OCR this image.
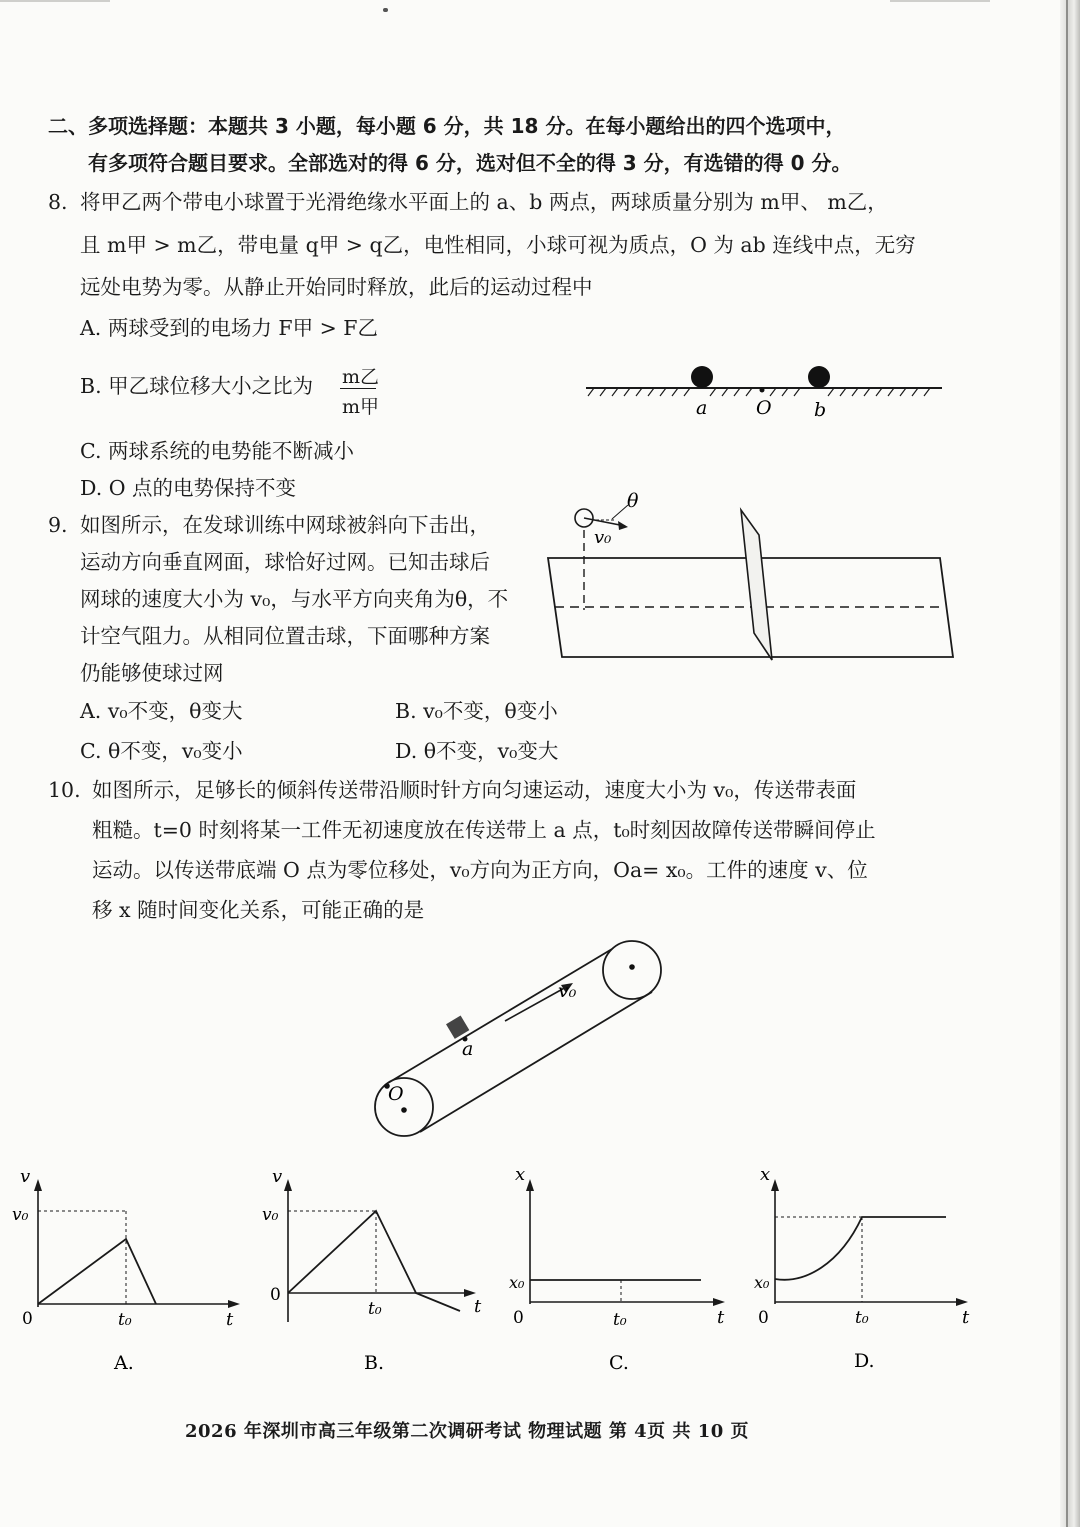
二、多项选择题：本题共 3 小题，每小题 6 分，共 18 分。在每小题给出的四个选项中，
有多项符合题目要求。全部选对的得 6 分，选对但不全的得 3 分，有选错的得 0 分。
8. 将甲乙两个带电小球置于光滑绝缘水平面上的 a、b 两点，两球质量分别为 m甲、 m乙，
且 m甲 > m乙，带电量 q甲 > q乙，电性相同，小球可视为质点，O 为 ab 连线中点，无穷
远处电势为零。从静止开始同时释放，此后的运动过程中
A. 两球受到的电场力 F甲 > F乙
B. 甲乙球位移大小之比为 m乙
m甲
C. 两球系统的电势能不断减小
D. O 点的电势保持不变
a	O b
9. 如图所示，在发球训练中网球被斜向下击出，
运动方向垂直网面，球恰好过网。已知击球后
网球的速度大小为 v₀，与水平方向夹角为θ，不
计空气阻力。从相同位置击球，下面哪种方案
仍能够使球过网
A. v₀不变，θ变大	B. v₀不变，θ变小
C. θ不变，v₀变小	D. θ不变，v₀变大
θ
v₀
10. 如图所示，足够长的倾斜传送带沿顺时针方向匀速运动，速度大小为 v₀，传送带表面
粗糙。t=0 时刻将某一工件无初速度放在传送带上 a 点，t₀时刻因故障传送带瞬间停止
运动。以传送带底端 O 点为零位移处，v₀方向为正方向，Oa= x₀。工件的速度 v、位
移 x 随时间变化关系，可能正确的是
v₀
a
O
v
v₀
0	t₀	t
A.
v
v₀
0
t₀	t
B.
x
x₀
0	t₀	t
C.
x
x₀
0	t₀	t
D.
2026 年深圳市高三年级第二次调研考试 物理试题 第 4页 共 10 页
